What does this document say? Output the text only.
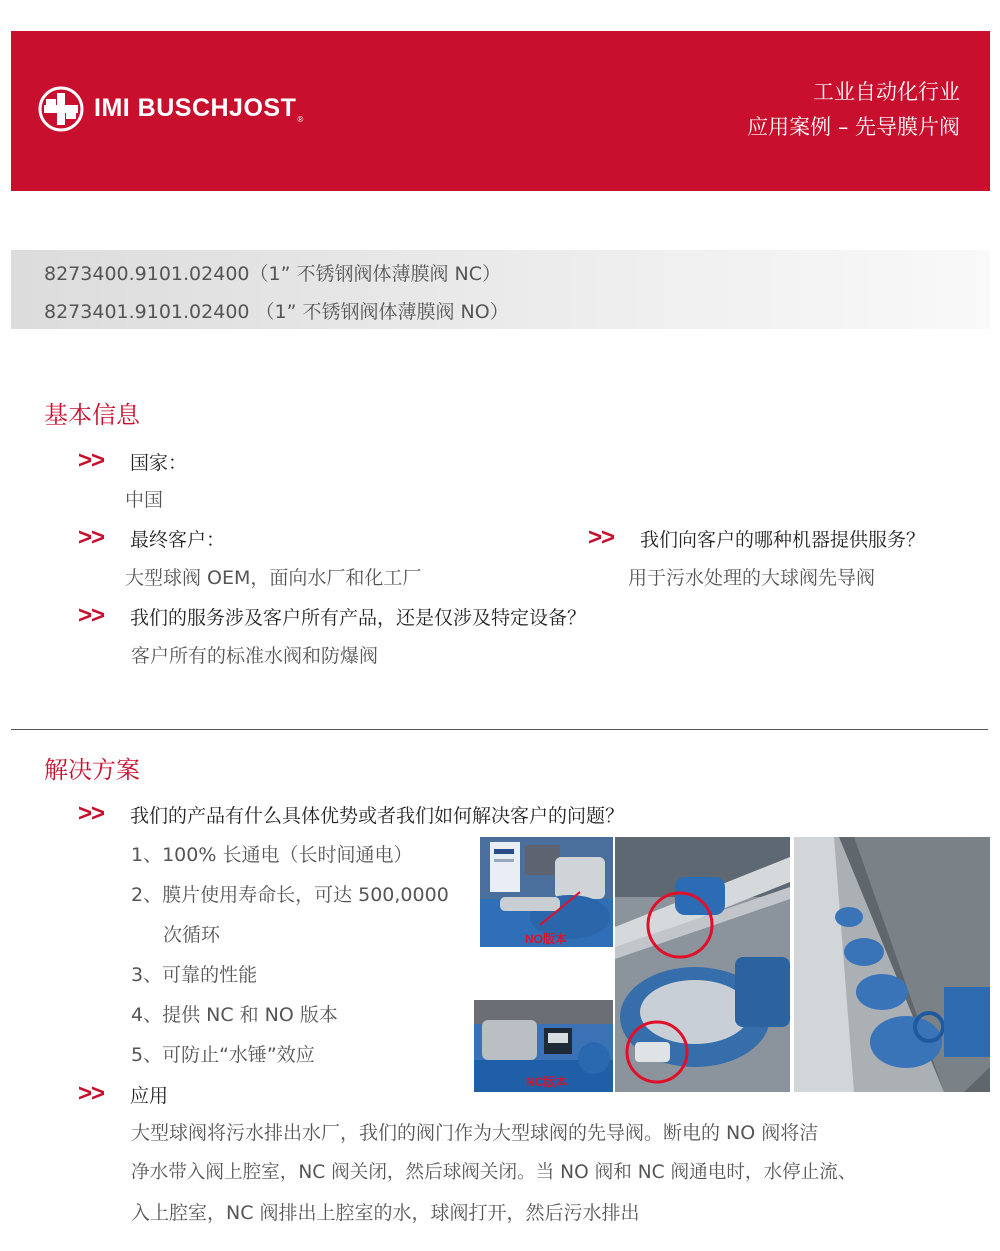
IMI $BUSCHJOST_®$
工业自动化行业
应用案例 – 先导膜片阀
8273400.9101.02400（1” 不锈钢阀体薄膜阀 NC）
8273401.9101.02400 （1” 不锈钢阀体薄膜阀 NO）
基本信息
>>	国家：
中国
>>	最终客户：
大型球阀 OEM，面向水厂和化工厂
>>	我们向客户的哪种机器提供服务？
用于污水处理的大球阀先导阀
>>	我们的服务涉及客户所有产品，还是仅涉及特定设备？
客户所有的标准水阀和防爆阀
解决方案
>>	我们的产品有什么具体优势或者我们如何解决客户的问题？
1、100% 长通电（长时间通电）
2、膜片使用寿命长，可达 500,0000
次循环
3、可靠的性能
4、提供 NC 和 NO 版本
5、可防止“水锤”效应
NO版本
NC版本
>>	应用
大型球阀将污水排出水厂，我们的阀门作为大型球阀的先导阀。断电的 NO 阀将洁
净水带入阀上腔室，NC 阀关闭，然后球阀关闭。当 NO 阀和 NC 阀通电时，水停止流、
入上腔室，NC 阀排出上腔室的水，球阀打开，然后污水排出
